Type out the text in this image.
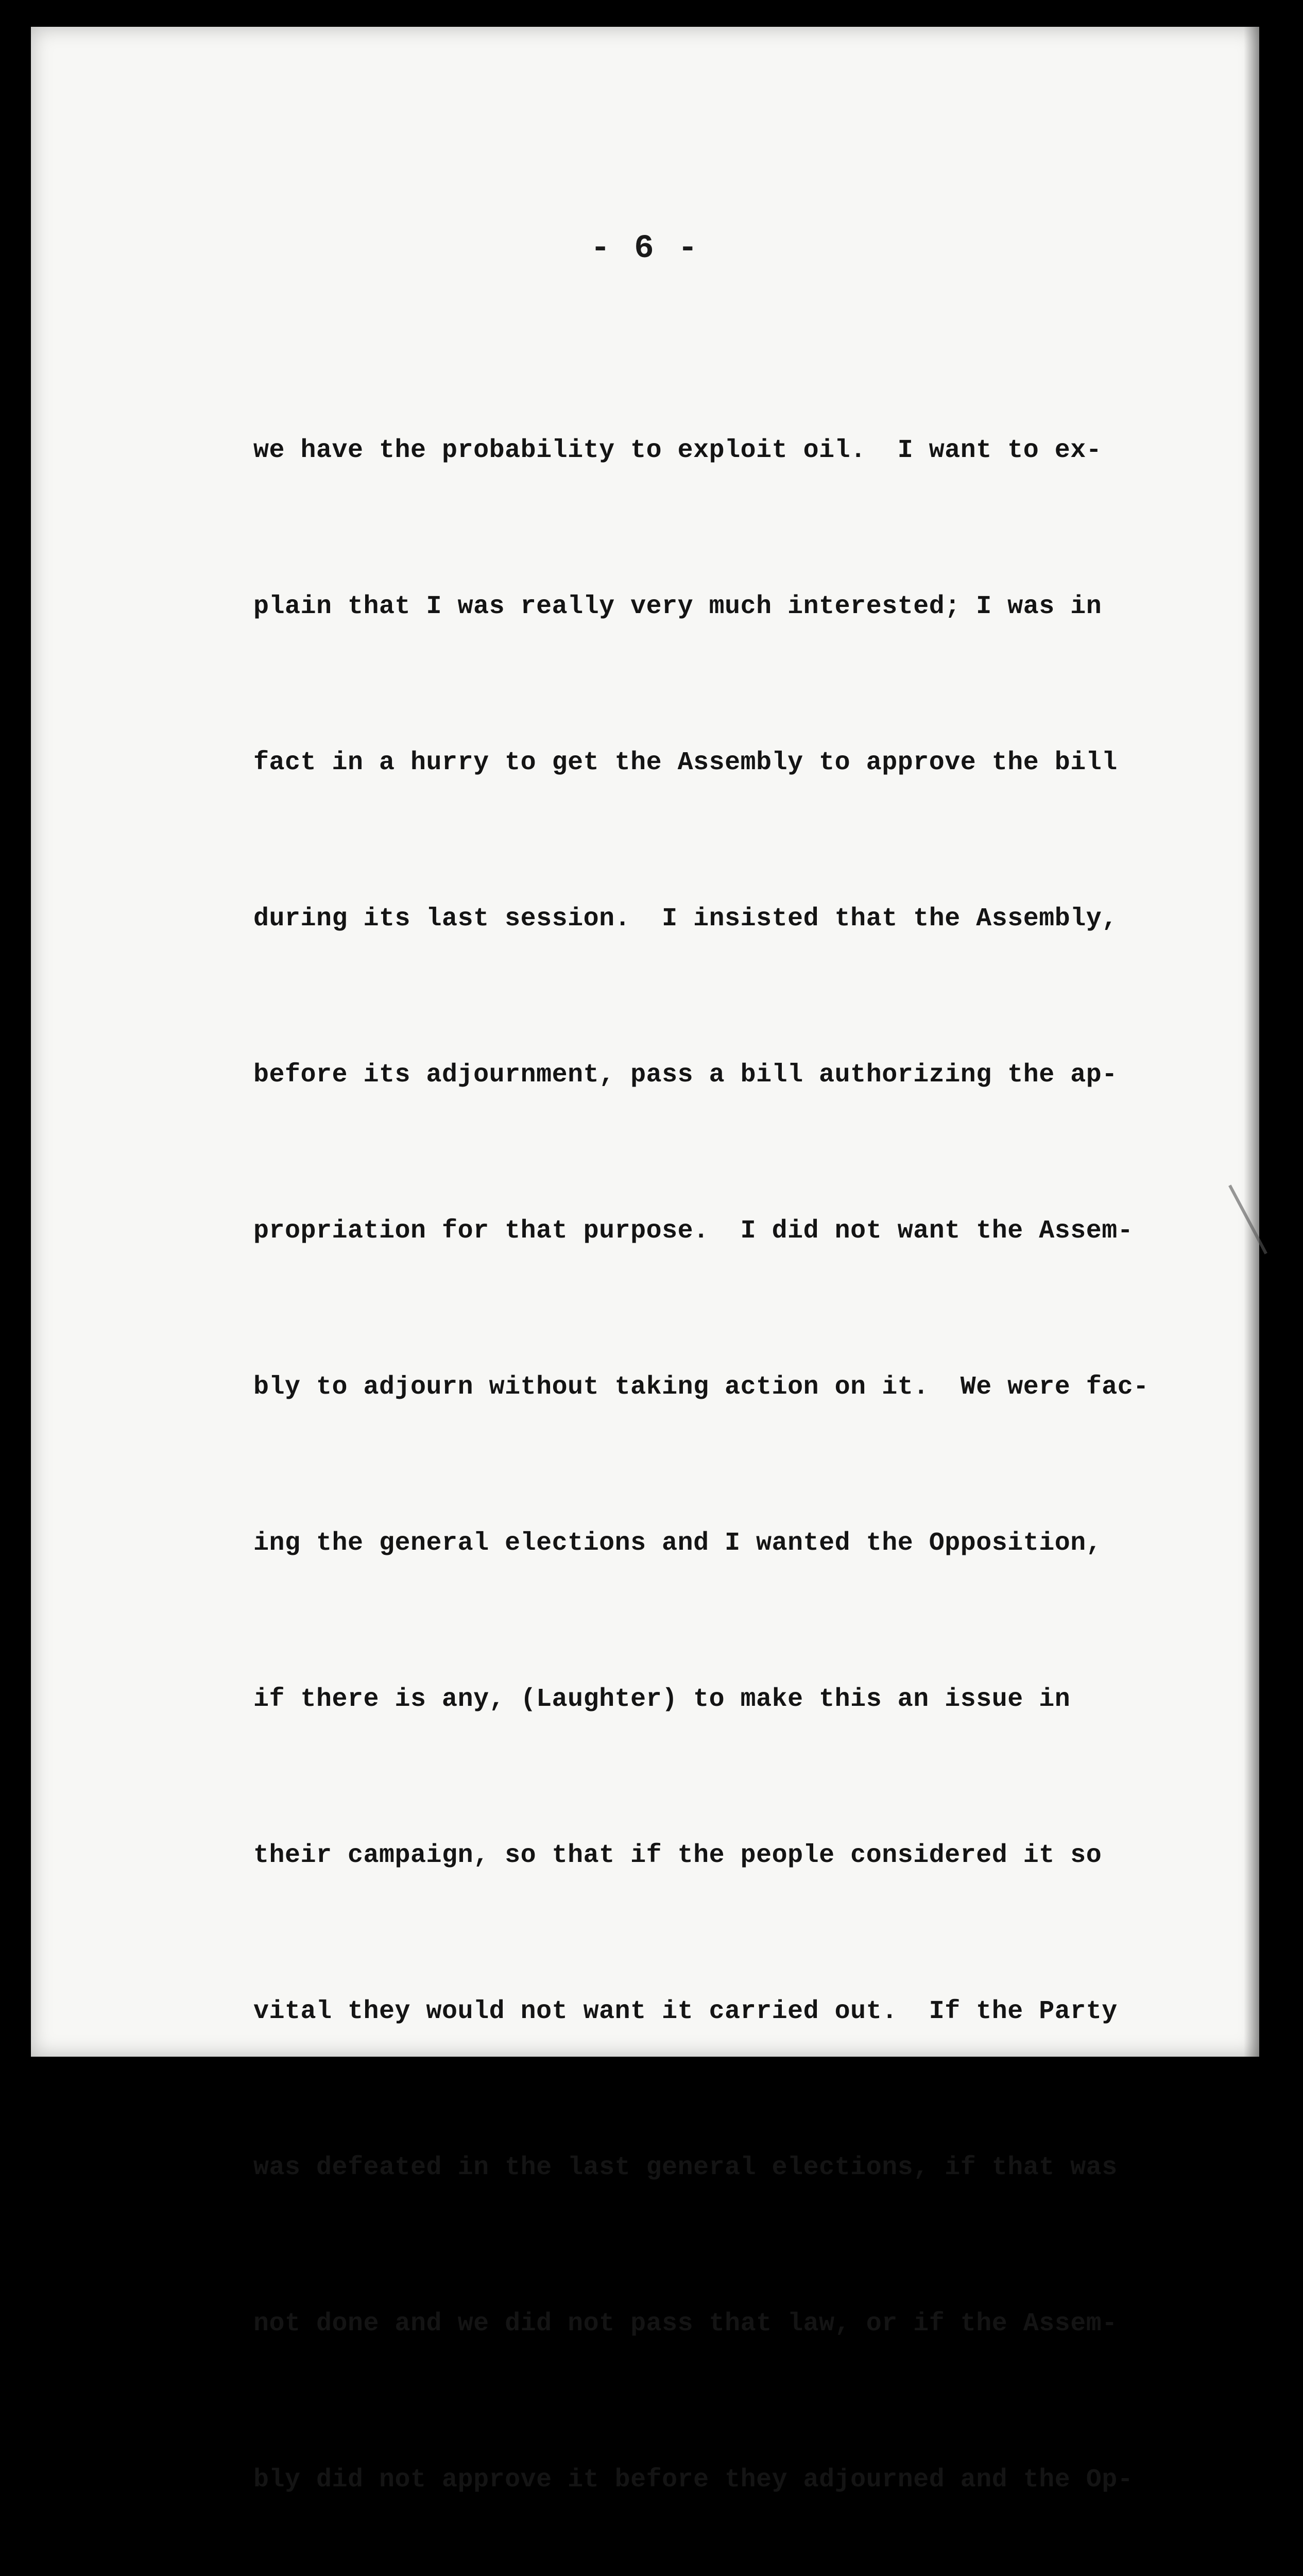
- 6 -

we have the probability to exploit oil.  I want to ex-

plain that I was really very much interested; I was in

fact in a hurry to get the Assembly to approve the bill

during its last session.  I insisted that the Assembly,

before its adjournment, pass a bill authorizing the ap-

propriation for that purpose.  I did not want the Assem-

bly to adjourn without taking action on it.  We were fac-

ing the general elections and I wanted the Opposition,

if there is any, (Laughter) to make this an issue in

their campaign, so that if the people considered it so

vital they would not want it carried out.  If the Party

was defeated in the last general elections, if that was

not done and we did not pass that law, or if the Assem-

bly did not approve it before they adjourned and the Op-
